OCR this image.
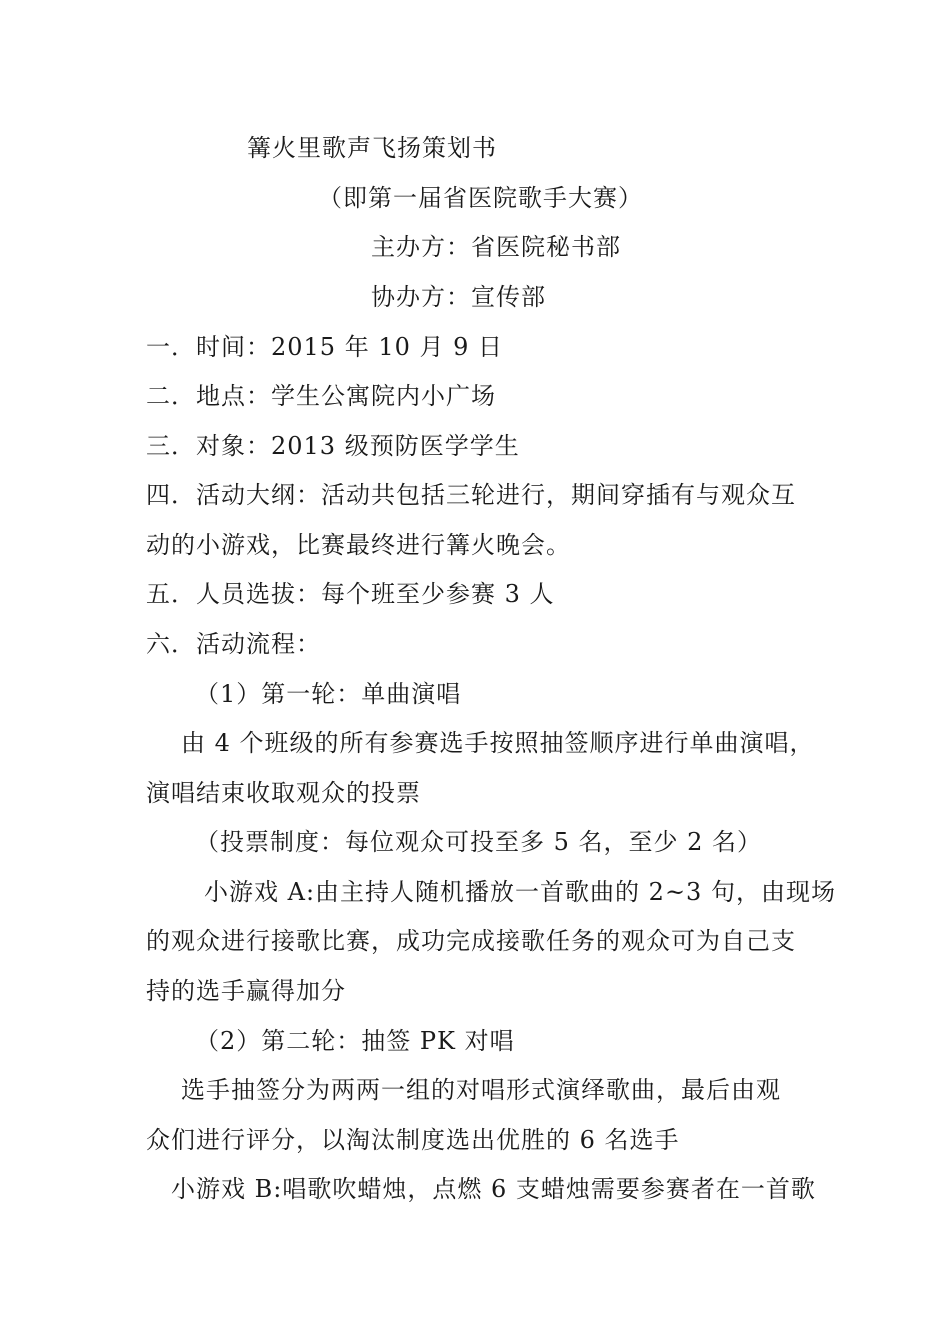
篝火里歌声飞扬策划书
（即第一届省医院歌手大赛）
主办方：省医院秘书部
协办方：宣传部
一．时间：2015 年 10 月 9 日
二．地点：学生公寓院内小广场
三．对象：2013 级预防医学学生
四．活动大纲：活动共包括三轮进行，期间穿插有与观众互
动的小游戏，比赛最终进行篝火晚会。
五．人员选拔：每个班至少参赛 3 人
六．活动流程：
（1）第一轮：单曲演唱
由 4 个班级的所有参赛选手按照抽签顺序进行单曲演唱，
演唱结束收取观众的投票
（投票制度：每位观众可投至多 5 名，至少 2 名）
小游戏 A:由主持人随机播放一首歌曲的 2~3 句，由现场
的观众进行接歌比赛，成功完成接歌任务的观众可为自己支
持的选手赢得加分
（2）第二轮：抽签 PK 对唱
选手抽签分为两两一组的对唱形式演绎歌曲，最后由观
众们进行评分，以淘汰制度选出优胜的 6 名选手
小游戏 B:唱歌吹蜡烛，点燃 6 支蜡烛需要参赛者在一首歌
